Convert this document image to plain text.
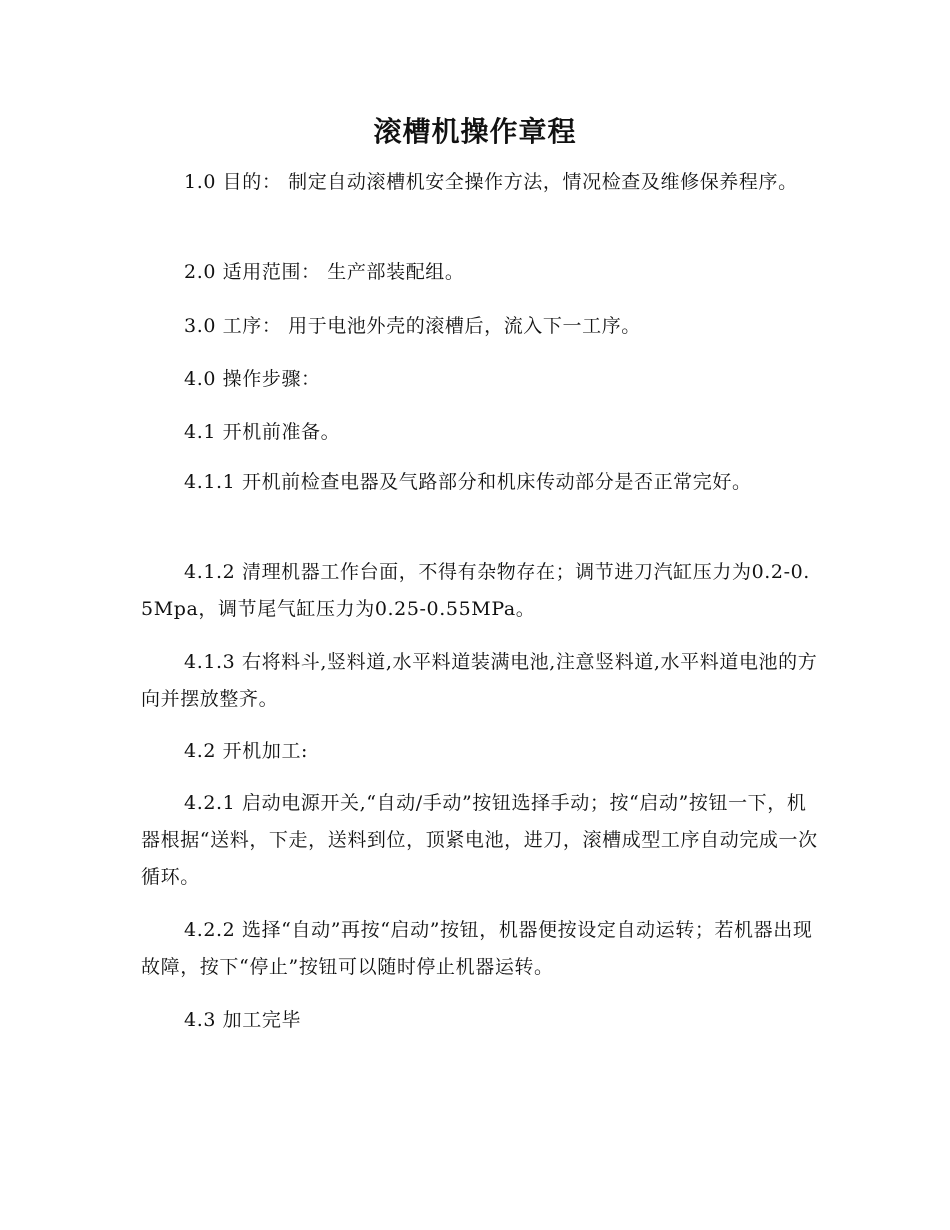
滚槽机操作章程
1.0 目的： 制定自动滚槽机安全操作方法，情况检查及维修保养程序。
2.0 适用范围： 生产部装配组。
3.0 工序： 用于电池外壳的滚槽后，流入下一工序。
4.0 操作步骤：
4.1 开机前准备。
4.1.1 开机前检查电器及气路部分和机床传动部分是否正常完好。
4.1.2 清理机器工作台面，不得有杂物存在；调节进刀汽缸压力为0.2-0.5Mpa，调节尾气缸压力为0.25-0.55MPa。
4.1.3 右将料斗,竖料道,水平料道装满电池,注意竖料道,水平料道电池的方向并摆放整齐。
4.2 开机加工:
4.2.1 启动电源开关,“自动/手动”按钮选择手动；按“启动”按钮一下，机器根据“送料，下走，送料到位，顶紧电池，进刀，滚槽成型工序自动完成一次循环。
4.2.2 选择“自动”再按“启动”按钮，机器便按设定自动运转；若机器出现故障，按下“停止”按钮可以随时停止机器运转。
4.3 加工完毕
